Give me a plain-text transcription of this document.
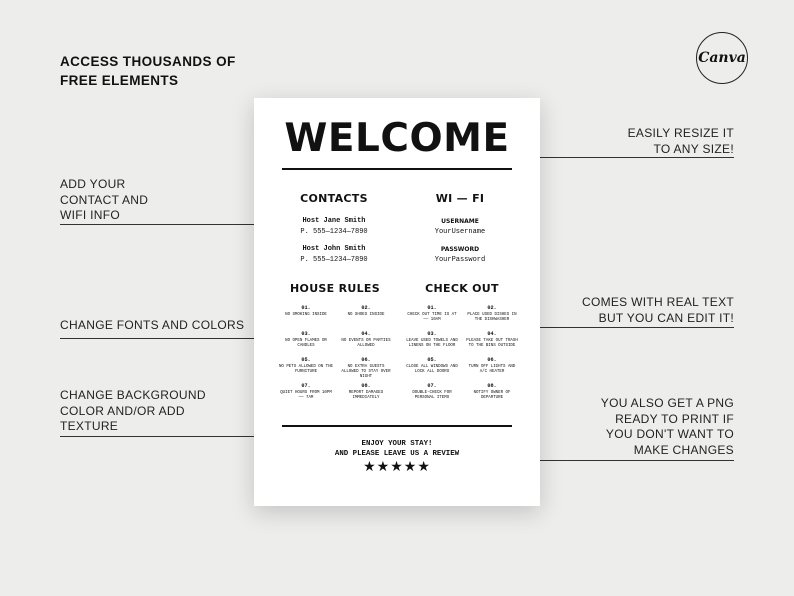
ACCESS THOUSANDS OF
FREE ELEMENTS
Canva
ADD YOUR
CONTACT AND
WIFI INFO
CHANGE FONTS AND COLORS
CHANGE BACKGROUND
COLOR AND/OR ADD
TEXTURE
EASILY RESIZE IT
TO ANY SIZE!
COMES WITH REAL TEXT
BUT YOU CAN EDIT IT!
YOU ALSO GET A PNG
READY TO PRINT IF
YOU DON'T WANT TO
MAKE CHANGES
WELCOME
CONTACTS	WI — FI
Host Jane Smith
P. 555—1234—7890
Host John Smith
P. 555—1234—7890
USERNAME
YourUsername
PASSWORD
YourPassword
HOUSE RULES	CHECK OUT
01.
NO SMOKING INSIDE
02.
NO SHOES INSIDE
03.
NO OPEN FLAMES OR CANDLES
04.
NO EVENTS OR PARTIES ALLOWED
05.
NO PETS ALLOWED ON THE FURNITURE
06.
NO EXTRA GUESTS ALLOWED TO STAY OVER NIGHT
07.
QUIET HOURS FROM 10PM —— 7AM
08.
REPORT DAMAGES IMMEDIATELY
01.
CHECK OUT TIME IS AT —— 10AM
02.
PLACE USED DISHES IN THE DISHWASHER
03.
LEAVE USED TOWELS AND LINENS ON THE FLOOR
04.
PLEASE TAKE OUT TRASH TO THE BINS OUTSIDE
05.
CLOSE ALL WINDOWS AND LOCK ALL DOORS
06.
TURN OFF LIGHTS AND A/C HEATER
07.
DOUBLE-CHECK FOR PERSONAL ITEMS
08.
NOTIFY OWNER OF DEPARTURE
ENJOY YOUR STAY!
AND PLEASE LEAVE US A REVIEW
★★★★★
